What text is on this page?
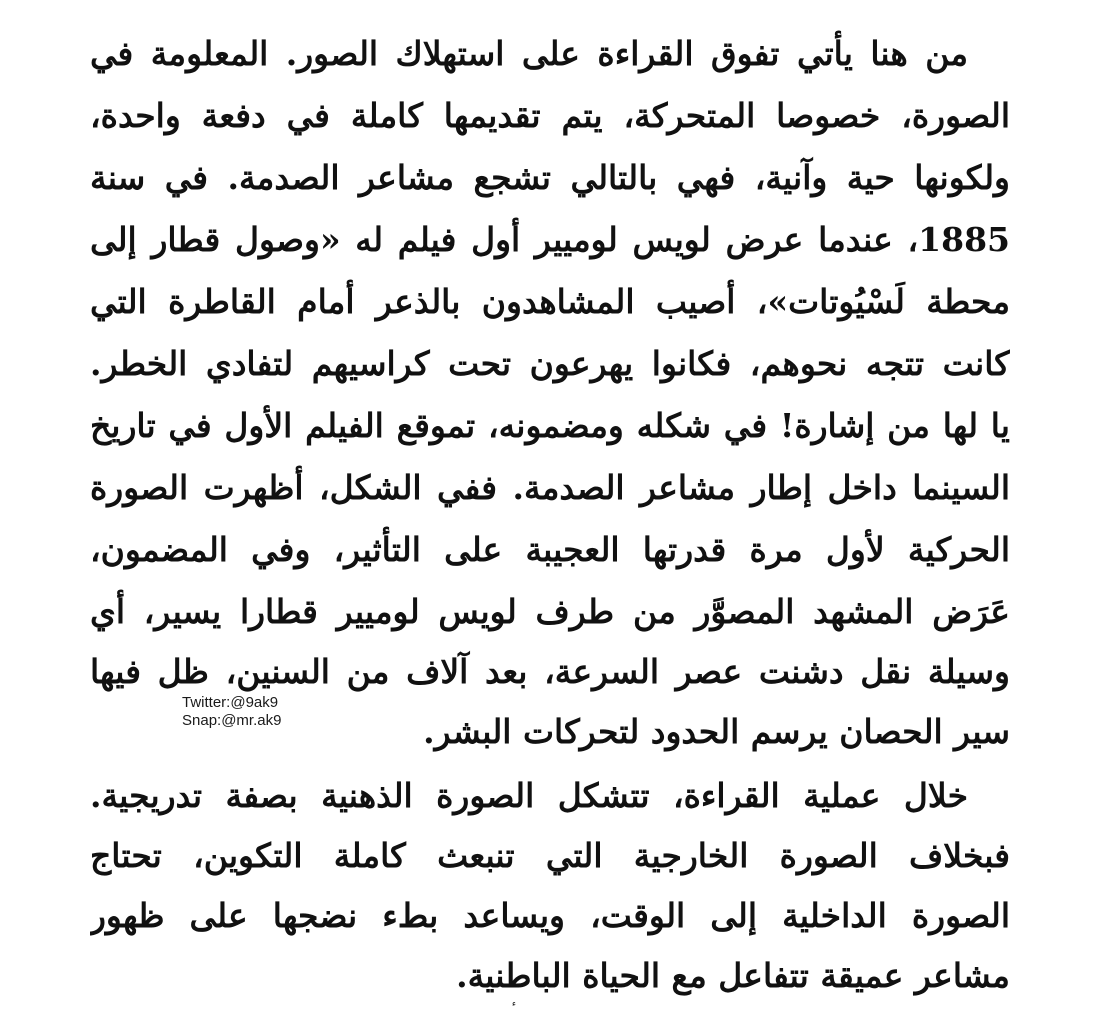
من هنا يأتي تفوق القراءة على استهلاك الصور. المعلومة في
الصورة، خصوصا المتحركة، يتم تقديمها كاملة في دفعة واحدة،
ولكونها حية وآنية، فهي بالتالي تشجع مشاعر الصدمة. في سنة
1885، عندما عرض لويس لوميير أول فيلم له «وصول قطار إلى
محطة لَسْيُوتات»، أصيب المشاهدون بالذعر أمام القاطرة التي
كانت تتجه نحوهم، فكانوا يهرعون تحت كراسيهم لتفادي الخطر.
يا لها من إشارة! في شكله ومضمونه، تموقع الفيلم الأول في تاريخ
السينما داخل إطار مشاعر الصدمة. ففي الشكل، أظهرت الصورة
الحركية لأول مرة قدرتها العجيبة على التأثير، وفي المضمون،
عَرَض المشهد المصوَّر من طرف لويس لوميير قطارا يسير، أي
وسيلة نقل دشنت عصر السرعة، بعد آلاف من السنين، ظل فيها
سير الحصان يرسم الحدود لتحركات البشر.
Twitter:@9ak9
Snap:@mr.ak9
خلال عملية القراءة، تتشكل الصورة الذهنية بصفة تدريجية.
فبخلاف الصورة الخارجية التي تنبعث كاملة التكوين، تحتاج
الصورة الداخلية إلى الوقت، ويساعد بطء نضجها على ظهور
مشاعر عميقة تتفاعل مع الحياة الباطنية.
